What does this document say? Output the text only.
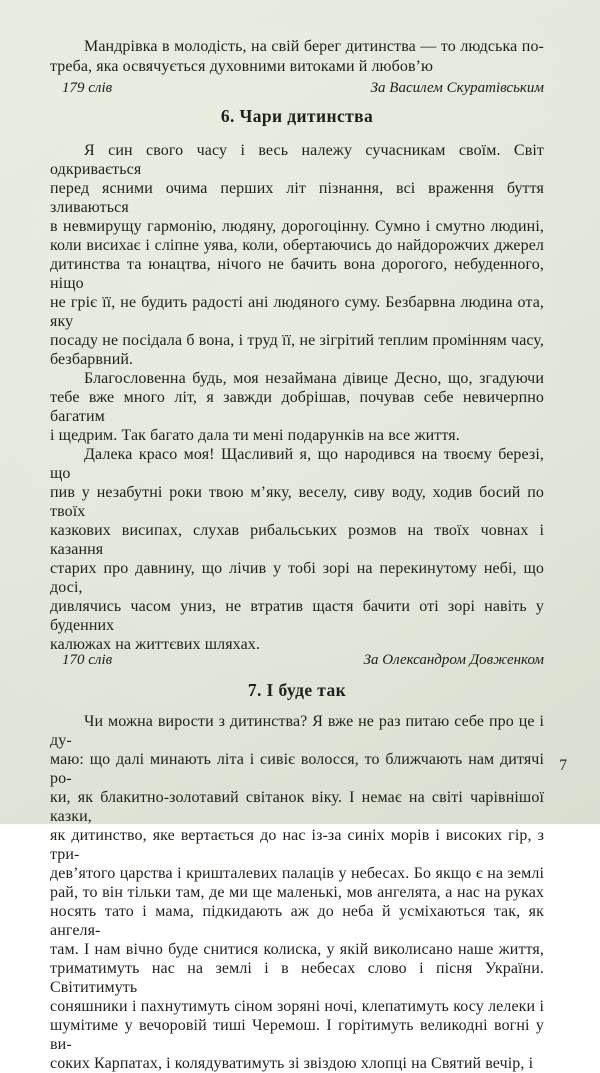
Мандрівка в молодість, на свій берег дитинства — то людська по-
треба, яка освячується духовними витоками й любов’ю
179 слів	За Василем Скуратівським
6. Чари дитинства
Я син свого часу і весь належу сучасникам своїм. Світ одкривається
перед ясними очима перших літ пізнання, всі враження буття зливаються
в невмирущу гармонію, людяну, дорогоцінну. Сумно і смутно людині,
коли висихає і сліпне уява, коли, обертаючись до найдорожчих джерел
дитинства та юнацтва, нічого не бачить вона дорогого, небуденного, ніщо
не гріє її, не будить радості ані людяного суму. Безбарвна людина ота, яку
посаду не посідала б вона, і труд її, не зігрітий теплим промінням часу,
безбарвний.
Благословенна будь, моя незаймана дівице Десно, що, згадуючи
тебе вже много літ, я завжди добрішав, почував себе невичерпно багатим
і щедрим. Так багато дала ти мені подарунків на все життя.
Далека красо моя! Щасливий я, що народився на твоєму березі, що
пив у незабутні роки твою м’яку, веселу, сиву воду, ходив босий по твоїх
казкових висипах, слухав рибальських розмов на твоїх човнах і казання
старих про давнину, що лічив у тобі зорі на перекинутому небі, що досі,
дивлячись часом униз, не втратив щастя бачити оті зорі навіть у буденних
калюжах на життєвих шляхах.
170 слів	За Олександром Довженком
7. І буде так
Чи можна вирости з дитинства? Я вже не раз питаю себе про це і ду-
маю: що далі минають літа і сивіє волосся, то ближчають нам дитячі ро-
ки, як блакитно-золотавий світанок віку. І немає на світі чарівнішої казки,
як дитинство, яке вертається до нас із-за синіх морів і високих гір, з три-
дев’ятого царства і кришталевих палаців у небесах. Бо якщо є на землі
рай, то він тільки там, де ми ще маленькі, мов ангелята, а нас на руках
носять тато і мама, підкидають аж до неба й усміхаються так, як ангеля-
там. І нам вічно буде снитися колиска, у якій виколисано наше життя,
триматимуть нас на землі і в небесах слово і пісня України. Світитимуть
соняшники і пахнутимуть сіном зоряні ночі, клепатимуть косу лелеки і
шумітиме у вечоровій тиші Черемош. І горітимуть великодні вогні у ви-
соких Карпатах, і колядуватимуть зі звіздою хлопці на Святий вечір, і
7
